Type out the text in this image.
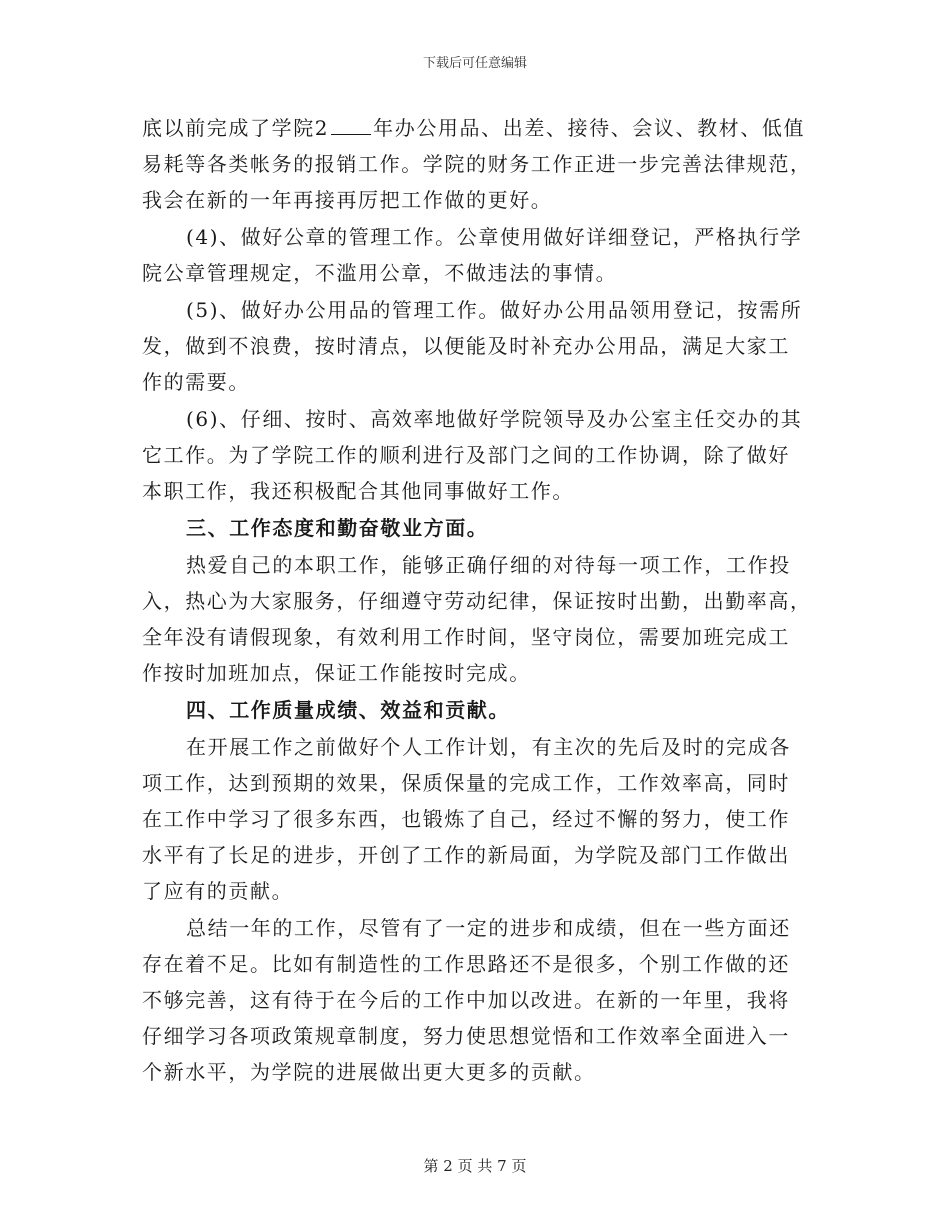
下载后可任意编辑
底以前完成了学院2 年办公用品、出差、接待、会议、教材、低值
易耗等各类帐务的报销工作。学院的财务工作正进一步完善法律规范，
我会在新的一年再接再厉把工作做的更好。
(4)、做好公章的管理工作。公章使用做好详细登记，严格执行学
院公章管理规定，不滥用公章，不做违法的事情。
(5)、做好办公用品的管理工作。做好办公用品领用登记，按需所
发，做到不浪费，按时清点，以便能及时补充办公用品，满足大家工
作的需要。
(6)、仔细、按时、高效率地做好学院领导及办公室主任交办的其
它工作。为了学院工作的顺利进行及部门之间的工作协调，除了做好
本职工作，我还积极配合其他同事做好工作。
三、工作态度和勤奋敬业方面。
热爱自己的本职工作，能够正确仔细的对待每一项工作，工作投
入，热心为大家服务，仔细遵守劳动纪律，保证按时出勤，出勤率高，
全年没有请假现象，有效利用工作时间，坚守岗位，需要加班完成工
作按时加班加点，保证工作能按时完成。
四、工作质量成绩、效益和贡献。
在开展工作之前做好个人工作计划，有主次的先后及时的完成各
项工作，达到预期的效果，保质保量的完成工作，工作效率高，同时
在工作中学习了很多东西，也锻炼了自己，经过不懈的努力，使工作
水平有了长足的进步，开创了工作的新局面，为学院及部门工作做出
了应有的贡献。
总结一年的工作，尽管有了一定的进步和成绩，但在一些方面还
存在着不足。比如有制造性的工作思路还不是很多，个别工作做的还
不够完善，这有待于在今后的工作中加以改进。在新的一年里，我将
仔细学习各项政策规章制度，努力使思想觉悟和工作效率全面进入一
个新水平，为学院的进展做出更大更多的贡献。
第 2 页 共 7 页
